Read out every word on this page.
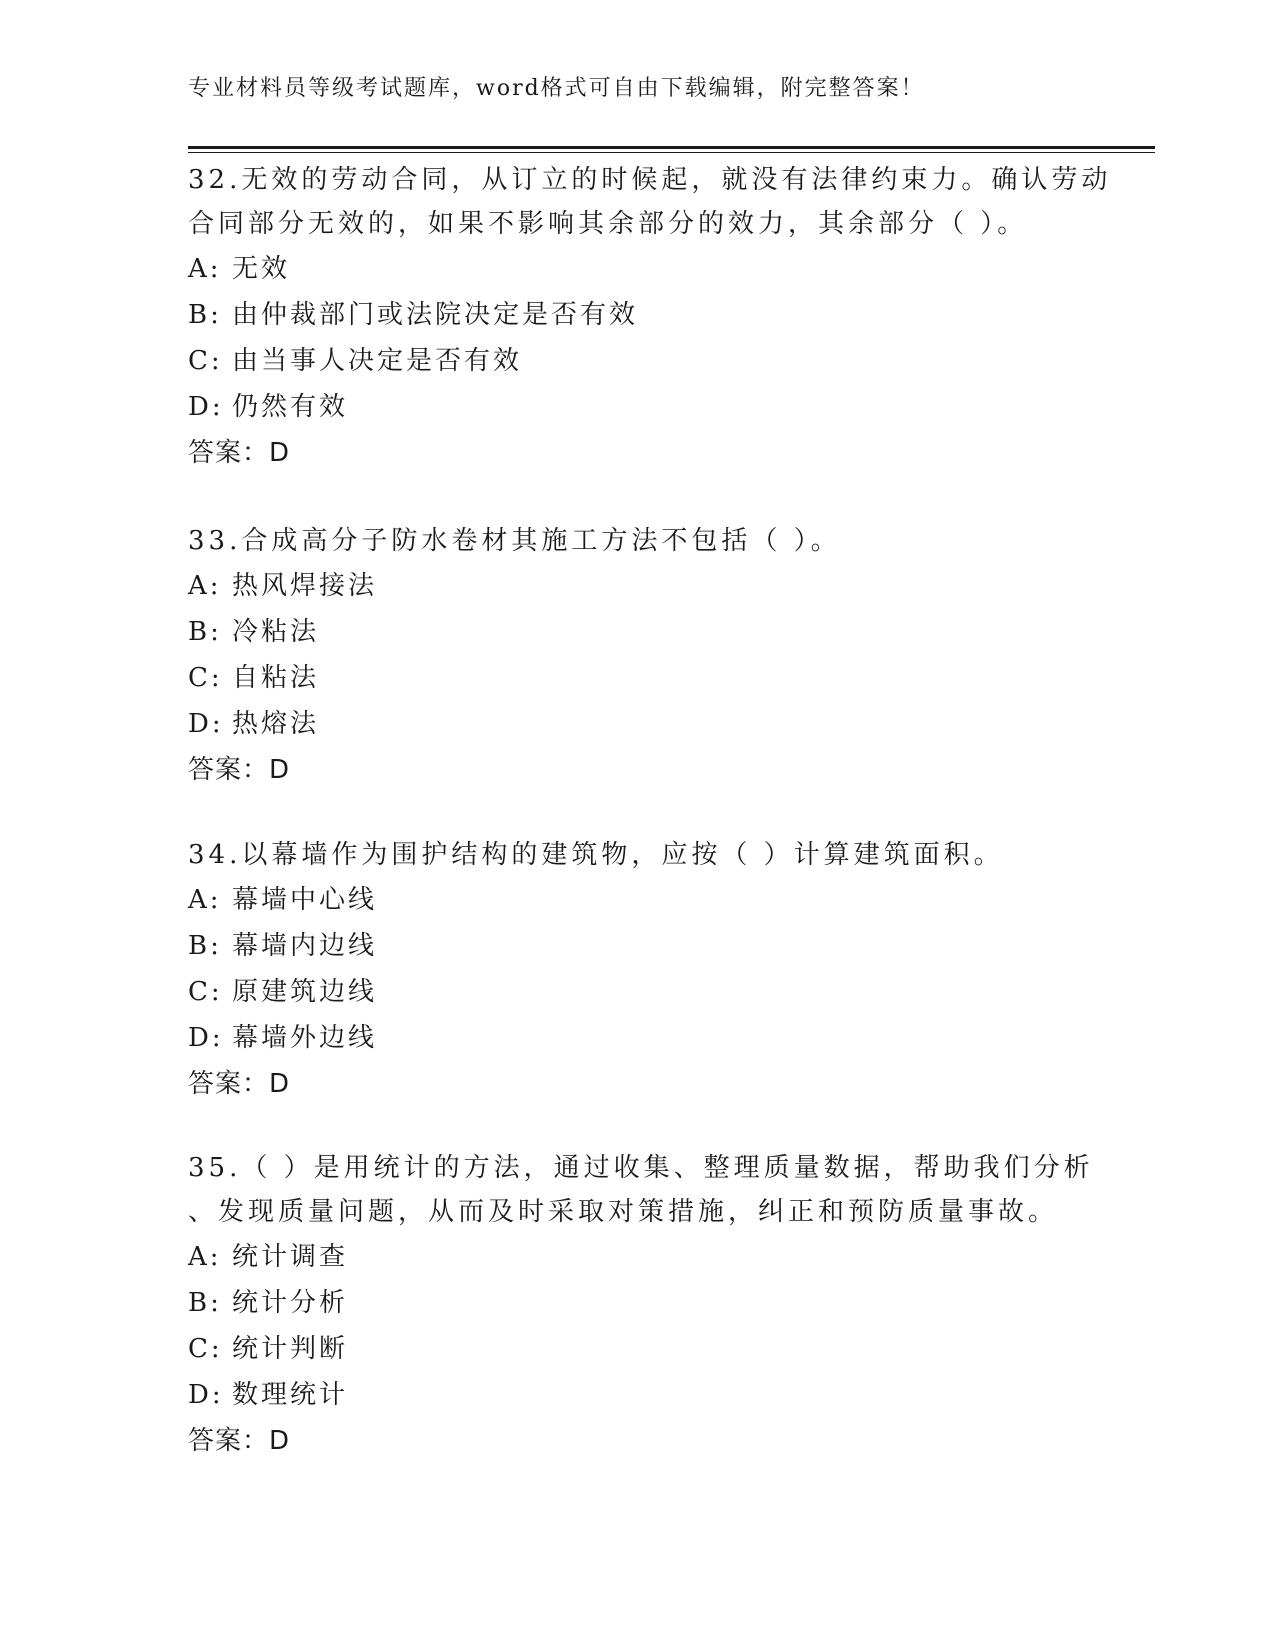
专业材料员等级考试题库，word格式可自由下载编辑，附完整答案！
32.无效的劳动合同，从订立的时候起，就没有法律约束力。确认劳动
合同部分无效的，如果不影响其余部分的效力，其余部分（ ）。
A: 无效
B: 由仲裁部门或法院决定是否有效
C: 由当事人决定是否有效
D: 仍然有效
答案：D
33.合成高分子防水卷材其施工方法不包括（ ）。
A: 热风焊接法
B: 冷粘法
C: 自粘法
D: 热熔法
答案：D
34.以幕墙作为围护结构的建筑物，应按（ ）计算建筑面积。
A: 幕墙中心线
B: 幕墙内边线
C: 原建筑边线
D: 幕墙外边线
答案：D
35.（ ）是用统计的方法，通过收集、整理质量数据，帮助我们分析
、发现质量问题，从而及时采取对策措施，纠正和预防质量事故。
A: 统计调查
B: 统计分析
C: 统计判断
D: 数理统计
答案：D
